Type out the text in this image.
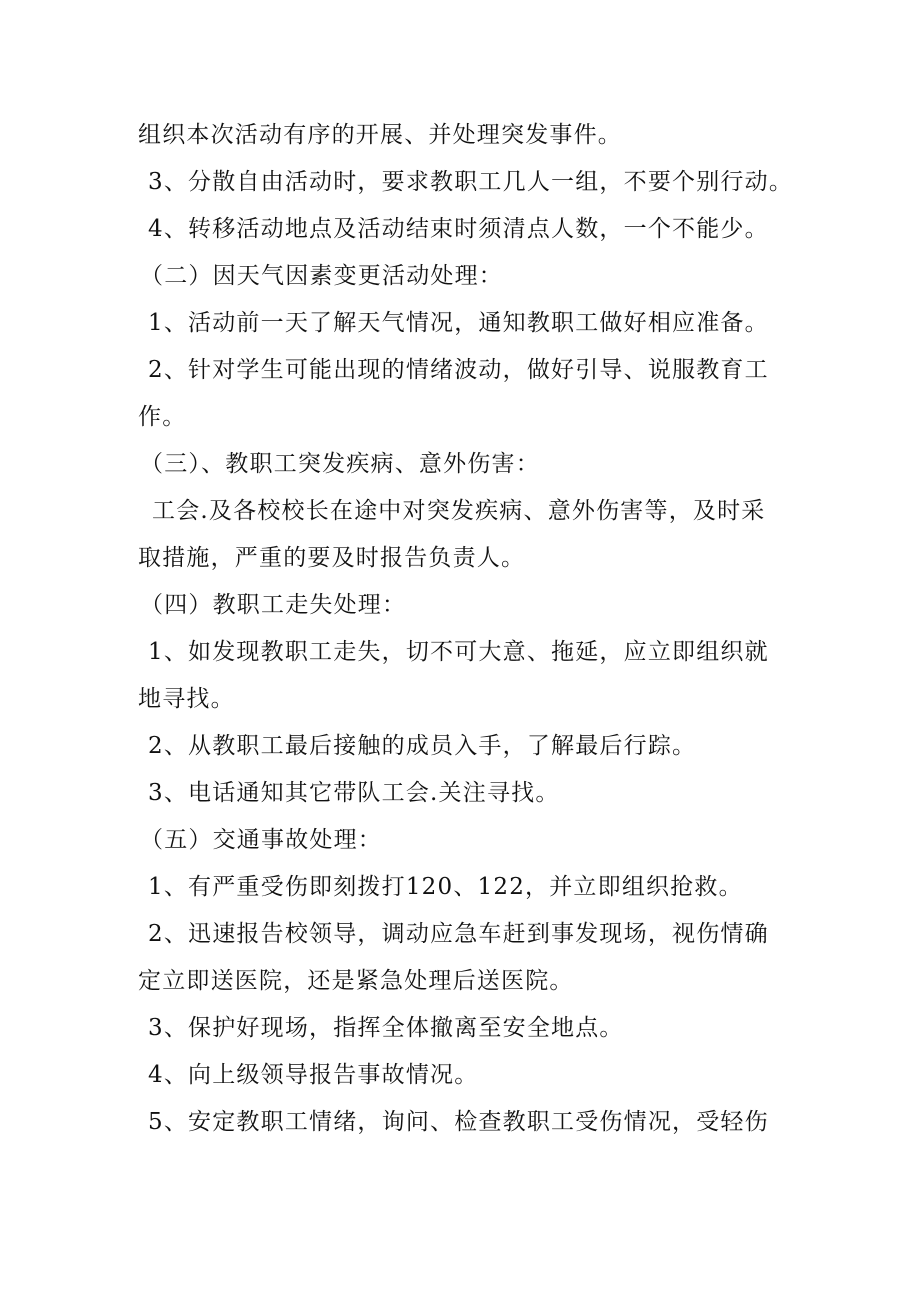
组织本次活动有序的开展、并处理突发事件。
3、分散自由活动时，要求教职工几人一组，不要个别行动。
4、转移活动地点及活动结束时须清点人数，一个不能少。
（二）因天气因素变更活动处理：
1、活动前一天了解天气情况，通知教职工做好相应准备。
2、针对学生可能出现的情绪波动，做好引导、说服教育工
作。
（三）、教职工突发疾病、意外伤害：
工会.及各校校长在途中对突发疾病、意外伤害等，及时采
取措施，严重的要及时报告负责人。
（四）教职工走失处理：
1、如发现教职工走失，切不可大意、拖延，应立即组织就
地寻找。
2、从教职工最后接触的成员入手，了解最后行踪。
3、电话通知其它带队工会.关注寻找。
（五）交通事故处理：
1、有严重受伤即刻拨打120、122，并立即组织抢救。
2、迅速报告校领导，调动应急车赶到事发现场，视伤情确
定立即送医院，还是紧急处理后送医院。
3、保护好现场，指挥全体撤离至安全地点。
4、向上级领导报告事故情况。
5、安定教职工情绪，询问、检查教职工受伤情况，受轻伤
